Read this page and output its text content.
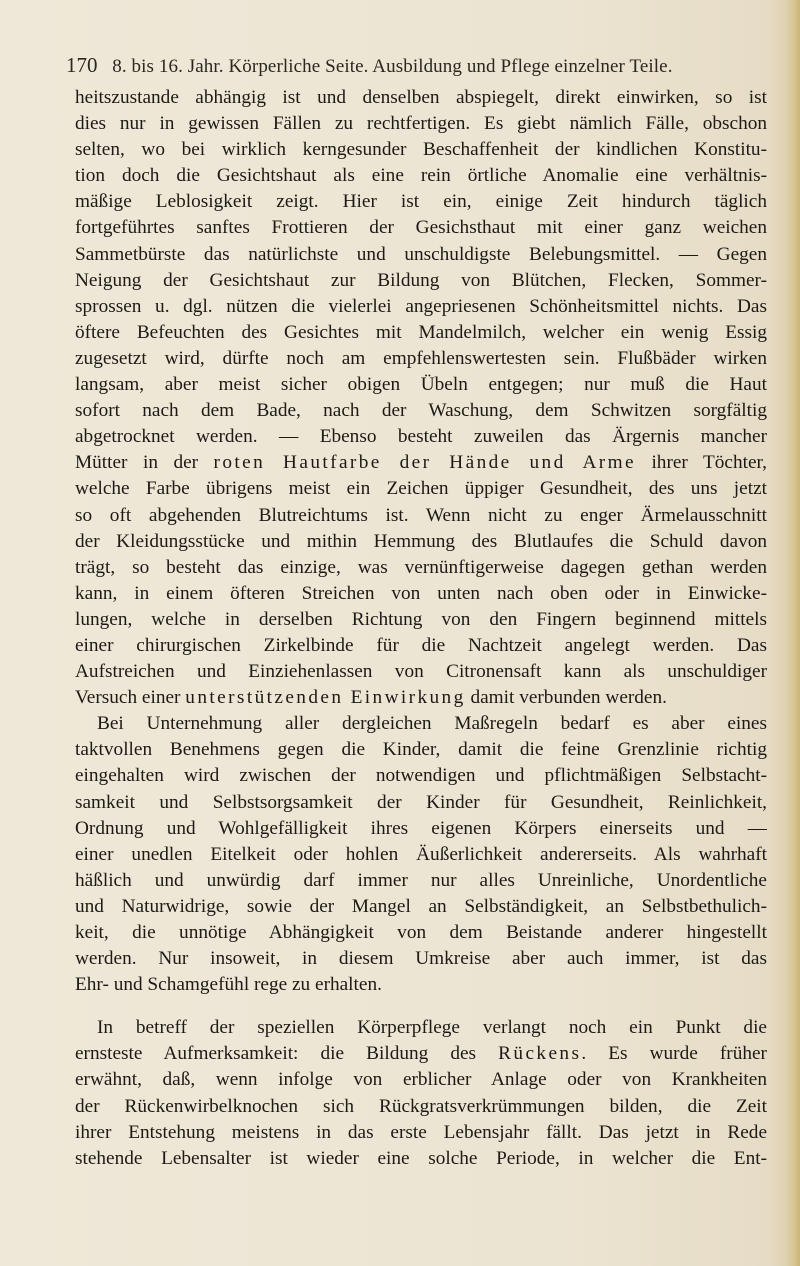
170 8. bis 16. Jahr. Körperliche Seite. Ausbildung und Pflege einzelner Teile.
heitszustande abhängig ist und denselben abspiegelt, direkt einwirken, so ist
dies nur in gewissen Fällen zu rechtfertigen. Es giebt nämlich Fälle, obschon
selten, wo bei wirklich kerngesunder Beschaffenheit der kindlichen Konstitu-
tion doch die Gesichtshaut als eine rein örtliche Anomalie eine verhältnis-
mäßige Leblosigkeit zeigt. Hier ist ein, einige Zeit hindurch täglich
fortgeführtes sanftes Frottieren der Gesichsthaut mit einer ganz weichen
Sammetbürste das natürlichste und unschuldigste Belebungsmittel. — Gegen
Neigung der Gesichtshaut zur Bildung von Blütchen, Flecken, Sommer-
sprossen u. dgl. nützen die vielerlei angepriesenen Schönheitsmittel nichts. Das
öftere Befeuchten des Gesichtes mit Mandelmilch, welcher ein wenig Essig
zugesetzt wird, dürfte noch am empfehlenswertesten sein. Flußbäder wirken
langsam, aber meist sicher obigen Übeln entgegen; nur muß die Haut
sofort nach dem Bade, nach der Waschung, dem Schwitzen sorgfältig
abgetrocknet werden. — Ebenso besteht zuweilen das Ärgernis mancher
Mütter in der roten Hautfarbe der Hände und Arme ihrer Töchter,
welche Farbe übrigens meist ein Zeichen üppiger Gesundheit, des uns jetzt
so oft abgehenden Blutreichtums ist. Wenn nicht zu enger Ärmelausschnitt
der Kleidungsstücke und mithin Hemmung des Blutlaufes die Schuld davon
trägt, so besteht das einzige, was vernünftigerweise dagegen gethan werden
kann, in einem öfteren Streichen von unten nach oben oder in Einwicke-
lungen, welche in derselben Richtung von den Fingern beginnend mittels
einer chirurgischen Zirkelbinde für die Nachtzeit angelegt werden. Das
Aufstreichen und Einziehenlassen von Citronensaft kann als unschuldiger
Versuch einer unterstützenden Einwirkung damit verbunden werden.
Bei Unternehmung aller dergleichen Maßregeln bedarf es aber eines
taktvollen Benehmens gegen die Kinder, damit die feine Grenzlinie richtig
eingehalten wird zwischen der notwendigen und pflichtmäßigen Selbstacht-
samkeit und Selbstsorgsamkeit der Kinder für Gesundheit, Reinlichkeit,
Ordnung und Wohlgefälligkeit ihres eigenen Körpers einerseits und —
einer unedlen Eitelkeit oder hohlen Äußerlichkeit andererseits. Als wahrhaft
häßlich und unwürdig darf immer nur alles Unreinliche, Unordentliche
und Naturwidrige, sowie der Mangel an Selbständigkeit, an Selbstbethulich-
keit, die unnötige Abhängigkeit von dem Beistande anderer hingestellt
werden. Nur insoweit, in diesem Umkreise aber auch immer, ist das
Ehr- und Schamgefühl rege zu erhalten.
In betreff der speziellen Körperpflege verlangt noch ein Punkt die
ernsteste Aufmerksamkeit: die Bildung des Rückens. Es wurde früher
erwähnt, daß, wenn infolge von erblicher Anlage oder von Krankheiten
der Rückenwirbelknochen sich Rückgratsverkrümmungen bilden, die Zeit
ihrer Entstehung meistens in das erste Lebensjahr fällt. Das jetzt in Rede
stehende Lebensalter ist wieder eine solche Periode, in welcher die Ent-
